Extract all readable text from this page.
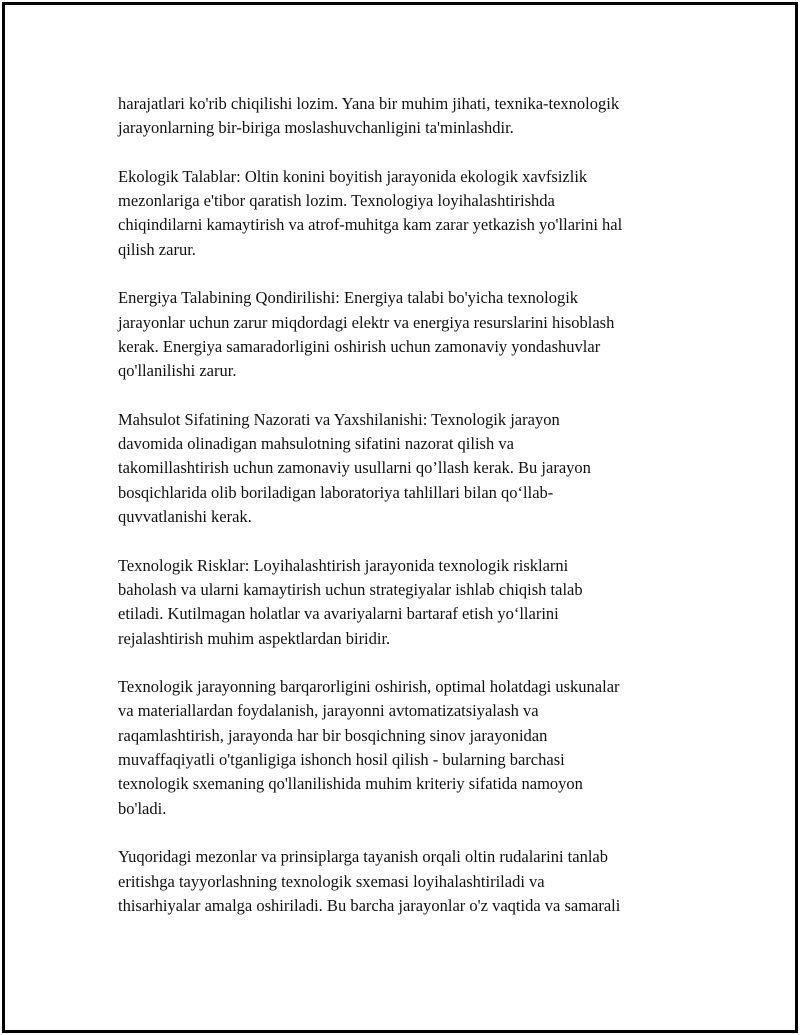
harajatlari ko'rib chiqilishi lozim. Yana bir muhim jihati, texnika-texnologik
jarayonlarning bir-biriga moslashuvchanligini ta'minlashdir.
Ekologik Talablar: Oltin konini boyitish jarayonida ekologik xavfsizlik
mezonlariga e'tibor qaratish lozim. Texnologiya loyihalashtirishda
chiqindilarni kamaytirish va atrof-muhitga kam zarar yetkazish yo'llarini hal
qilish zarur.
Energiya Talabining Qondirilishi: Energiya talabi bo'yicha texnologik
jarayonlar uchun zarur miqdordagi elektr va energiya resurslarini hisoblash
kerak. Energiya samaradorligini oshirish uchun zamonaviy yondashuvlar
qo'llanilishi zarur.
Mahsulot Sifatining Nazorati va Yaxshilanishi: Texnologik jarayon
davomida olinadigan mahsulotning sifatini nazorat qilish va
takomillashtirish uchun zamonaviy usullarni qo’llash kerak. Bu jarayon
bosqichlarida olib boriladigan laboratoriya tahlillari bilan qo‘llab-
quvvatlanishi kerak.
Texnologik Risklar: Loyihalashtirish jarayonida texnologik risklarni
baholash va ularni kamaytirish uchun strategiyalar ishlab chiqish talab
etiladi. Kutilmagan holatlar va avariyalarni bartaraf etish yo‘llarini
rejalashtirish muhim aspektlardan biridir.
Texnologik jarayonning barqarorligini oshirish, optimal holatdagi uskunalar
va materiallardan foydalanish, jarayonni avtomatizatsiyalash va
raqamlashtirish, jarayonda har bir bosqichning sinov jarayonidan
muvaffaqiyatli o'tganligiga ishonch hosil qilish - bularning barchasi
texnologik sxemaning qo'llanilishida muhim kriteriy sifatida namoyon
bo'ladi.
Yuqoridagi mezonlar va prinsiplarga tayanish orqali oltin rudalarini tanlab
eritishga tayyorlashning texnologik sxemasi loyihalashtiriladi va
thisarhiyalar amalga oshiriladi. Bu barcha jarayonlar o'z vaqtida va samarali
